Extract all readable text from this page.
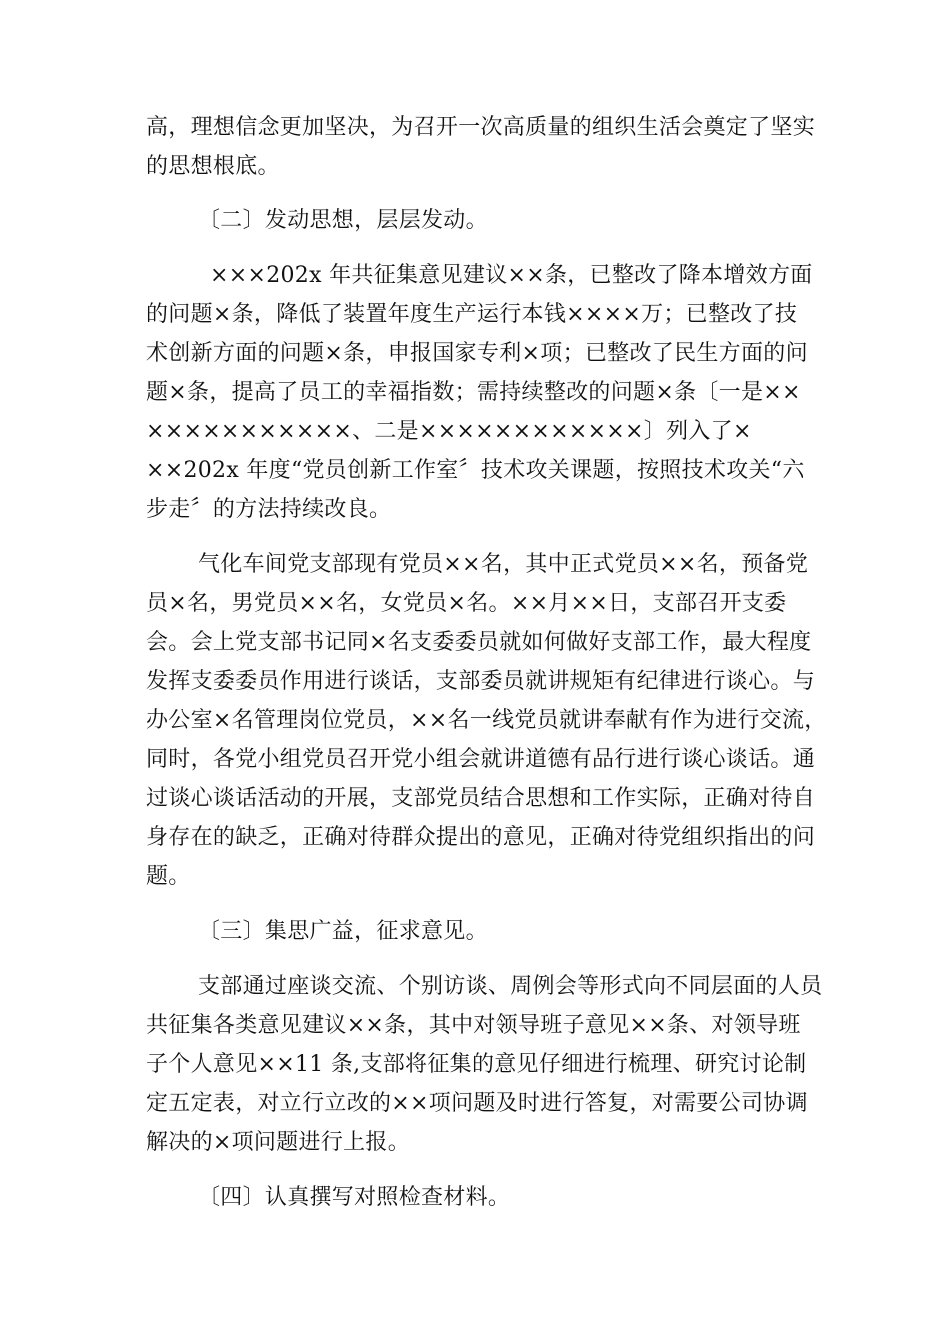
高，理想信念更加坚决，为召开一次高质量的组织生活会奠定了坚实
的思想根底。
〔二〕发动思想，层层发动。
×××202x 年共征集意见建议××条，已整改了降本增效方面
的问题×条，降低了装置年度生产运行本钱××××万；已整改了技
术创新方面的问题×条，申报国家专利×项；已整改了民生方面的问
题×条，提高了员工的幸福指数；需持续整改的问题×条〔一是××
×××××××××××、二是××××××××××××〕列入了×
××202x 年度“党员创新工作室〞技术攻关课题，按照技术攻关“六
步走〞的方法持续改良。
气化车间党支部现有党员××名，其中正式党员××名，预备党
员×名，男党员××名，女党员×名。××月××日，支部召开支委
会。会上党支部书记同×名支委委员就如何做好支部工作，最大程度
发挥支委委员作用进行谈话，支部委员就讲规矩有纪律进行谈心。与
办公室×名管理岗位党员，××名一线党员就讲奉献有作为进行交流，
同时，各党小组党员召开党小组会就讲道德有品行进行谈心谈话。通
过谈心谈话活动的开展，支部党员结合思想和工作实际，正确对待自
身存在的缺乏，正确对待群众提出的意见，正确对待党组织指出的问
题。
〔三〕集思广益，征求意见。
支部通过座谈交流、个别访谈、周例会等形式向不同层面的人员
共征集各类意见建议××条，其中对领导班子意见××条、对领导班
子个人意见××11 条,支部将征集的意见仔细进行梳理、研究讨论制
定五定表，对立行立改的××项问题及时进行答复，对需要公司协调
解决的×项问题进行上报。
〔四〕认真撰写对照检查材料。
